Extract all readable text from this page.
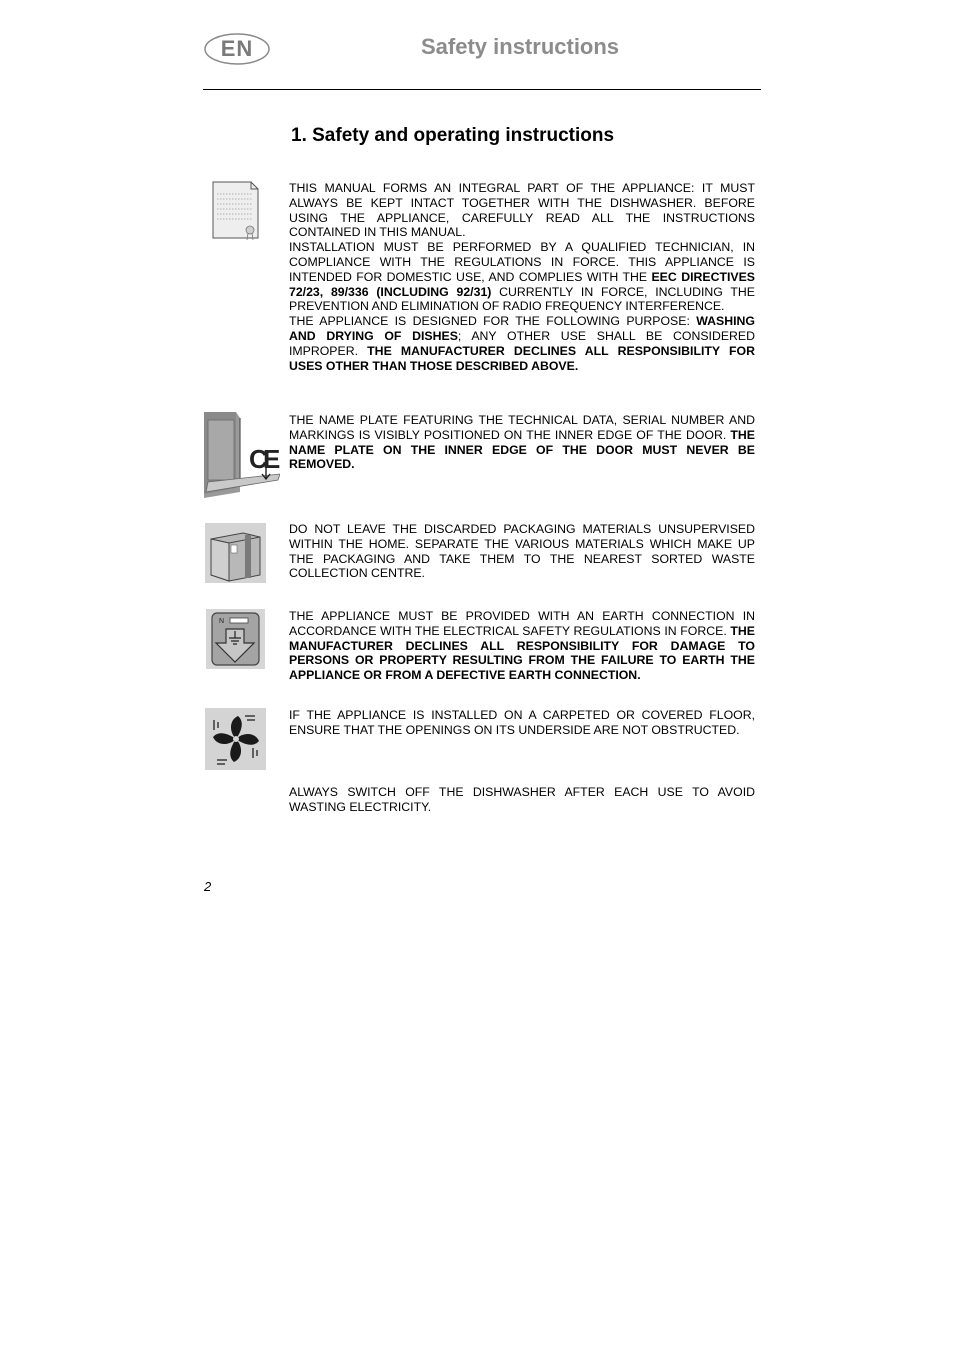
EN	Safety instructions
1. Safety and operating instructions
THIS MANUAL FORMS AN INTEGRAL PART OF THE APPLIANCE: IT MUST ALWAYS BE KEPT INTACT TOGETHER WITH THE DISHWASHER. BEFORE USING THE APPLIANCE, CAREFULLY READ ALL THE INSTRUCTIONS CONTAINED IN THIS MANUAL.
INSTALLATION MUST BE PERFORMED BY A QUALIFIED TECHNICIAN, IN COMPLIANCE WITH THE REGULATIONS IN FORCE. THIS APPLIANCE IS INTENDED FOR DOMESTIC USE, AND COMPLIES WITH THE EEC DIRECTIVES 72/23, 89/336 (INCLUDING 92/31) CURRENTLY IN FORCE, INCLUDING THE PREVENTION AND ELIMINATION OF RADIO FREQUENCY INTERFERENCE.
THE APPLIANCE IS DESIGNED FOR THE FOLLOWING PURPOSE: WASHING AND DRYING OF DISHES; ANY OTHER USE SHALL BE CONSIDERED IMPROPER. THE MANUFACTURER DECLINES ALL RESPONSIBILITY FOR USES OTHER THAN THOSE DESCRIBED ABOVE.
C
E
THE NAME PLATE FEATURING THE TECHNICAL DATA, SERIAL NUMBER AND MARKINGS IS VISIBLY POSITIONED ON THE INNER EDGE OF THE DOOR. THE NAME PLATE ON THE INNER EDGE OF THE DOOR MUST NEVER BE REMOVED.
DO NOT LEAVE THE DISCARDED PACKAGING MATERIALS UNSUPERVISED WITHIN THE HOME. SEPARATE THE VARIOUS MATERIALS WHICH MAKE UP THE PACKAGING AND TAKE THEM TO THE NEAREST SORTED WASTE COLLECTION CENTRE.
N	THE APPLIANCE MUST BE PROVIDED WITH AN EARTH CONNECTION IN ACCORDANCE WITH THE ELECTRICAL SAFETY REGULATIONS IN FORCE. THE MANUFACTURER DECLINES ALL RESPONSIBILITY FOR DAMAGE TO PERSONS OR PROPERTY RESULTING FROM THE FAILURE TO EARTH THE APPLIANCE OR FROM A DEFECTIVE EARTH CONNECTION.
IF THE APPLIANCE IS INSTALLED ON A CARPETED OR COVERED FLOOR, ENSURE THAT THE OPENINGS ON ITS UNDERSIDE ARE NOT OBSTRUCTED.
ALWAYS SWITCH OFF THE DISHWASHER AFTER EACH USE TO AVOID WASTING ELECTRICITY.
2
